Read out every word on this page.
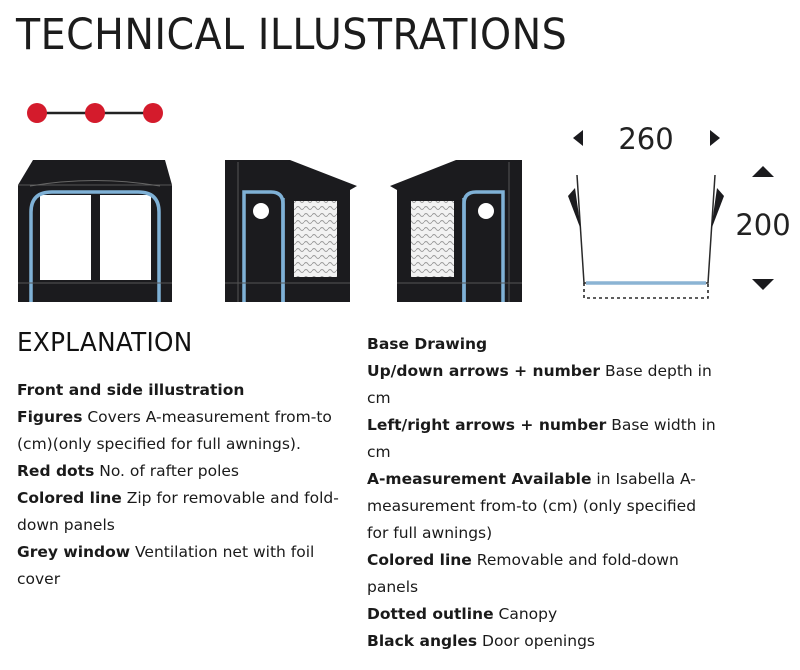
TECHNICAL ILLUSTRATIONS
260
200
EXPLANATION

Front and side illustration

Figures Covers A-measurement from-to (cm)(only specified for full awnings).

Red dots No. of rafter poles

Colored line Zip for removable and fold-down panels

Grey window Ventilation net with foil cover

Base Drawing

Up/down arrows + number Base depth in cm

Left/right arrows + number Base width in cm

A-measurement Available in Isabella A-measurement from-to (cm) (only specified for full awnings)

Colored line Removable and fold-down panels

Dotted outline Canopy

Black angles Door openings
